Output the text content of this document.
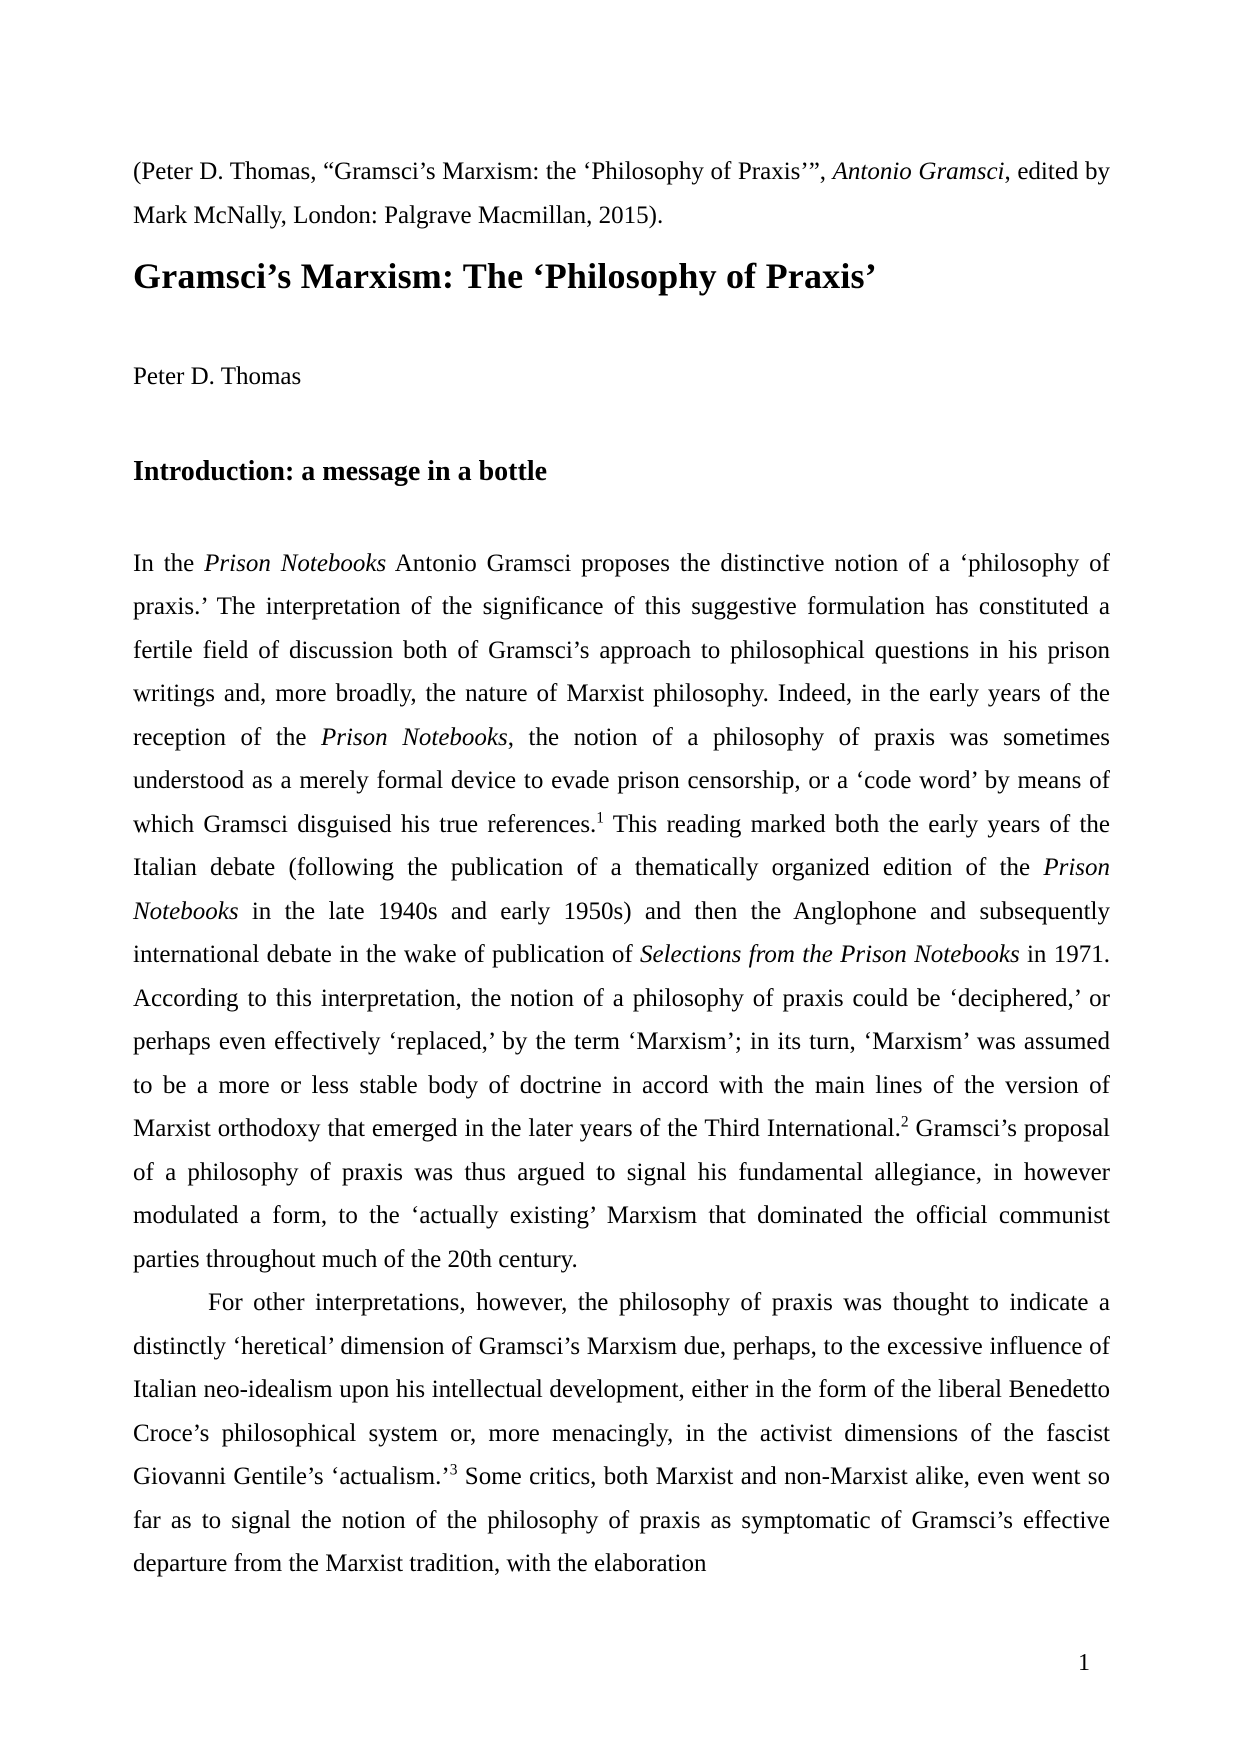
(Peter D. Thomas, “Gramsci’s Marxism: the ‘Philosophy of Praxis’”, Antonio Gramsci, edited by Mark McNally, London: Palgrave Macmillan, 2015).

Gramsci’s Marxism: The ‘Philosophy of Praxis’

Peter D. Thomas

Introduction: a message in a bottle

In the Prison Notebooks Antonio Gramsci proposes the distinctive notion of a ‘philosophy of praxis.’ The interpretation of the significance of this suggestive formulation has constituted a fertile field of discussion both of Gramsci’s approach to philosophical questions in his prison writings and, more broadly, the nature of Marxist philosophy. Indeed, in the early years of the reception of the Prison Notebooks, the notion of a philosophy of praxis was sometimes understood as a merely formal device to evade prison censorship, or a ‘code word’ by means of which Gramsci disguised his true references.$^1$ This reading marked both the early years of the Italian debate (following the publication of a thematically organized edition of the Prison Notebooks in the late 1940s and early 1950s) and then the Anglophone and subsequently international debate in the wake of publication of Selections from the Prison Notebooks in 1971. According to this interpretation, the notion of a philosophy of praxis could be ‘deciphered,’ or perhaps even effectively ‘replaced,’ by the term ‘Marxism’; in its turn, ‘Marxism’ was assumed to be a more or less stable body of doctrine in accord with the main lines of the version of Marxist orthodoxy that emerged in the later years of the Third International.$^2$ Gramsci’s proposal of a philosophy of praxis was thus argued to signal his fundamental allegiance, in however modulated a form, to the ‘actually existing’ Marxism that dominated the official communist parties throughout much of the 20th century.

For other interpretations, however, the philosophy of praxis was thought to indicate a distinctly ‘heretical’ dimension of Gramsci’s Marxism due, perhaps, to the excessive influence of Italian neo-idealism upon his intellectual development, either in the form of the liberal Benedetto Croce’s philosophical system or, more menacingly, in the activist dimensions of the fascist Giovanni Gentile’s ‘actualism.’$^3$ Some critics, both Marxist and non-Marxist alike, even went so far as to signal the notion of the philosophy of praxis as symptomatic of Gramsci’s effective departure from the Marxist tradition, with the elaboration

1
